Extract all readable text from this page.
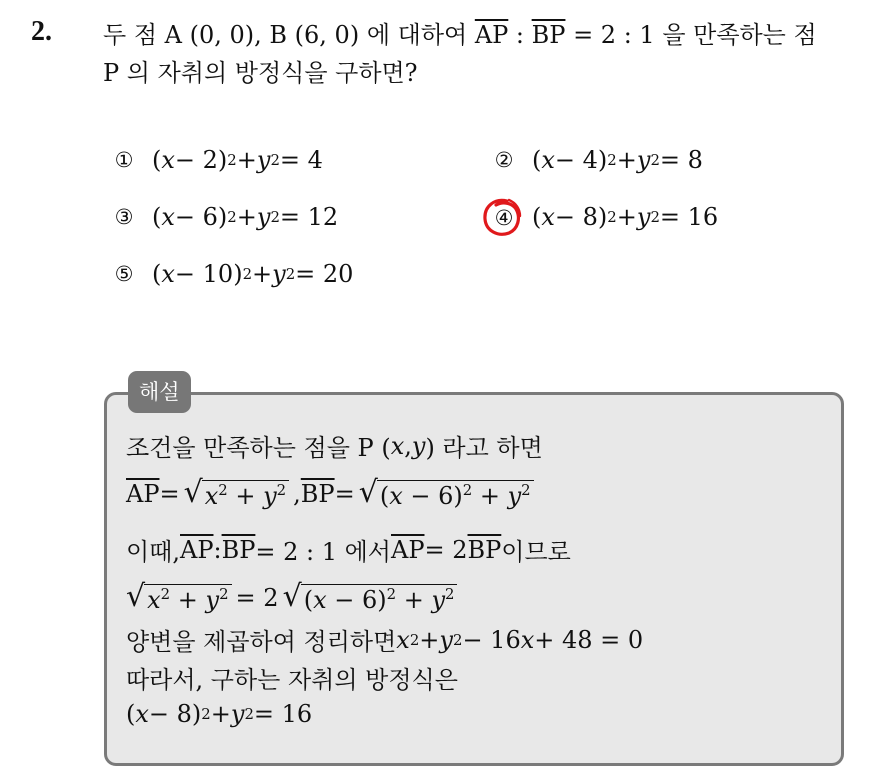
2. 두 점 A (0, 0), B (6, 0) 에 대하여 $\overline{AP}$ : $\overline{BP} = 2$ : 1 을 만족하는 점
P 의 자취의 방정식을 구하면?
① ( x − 2) 2 + y 2 = 4	② ( x − 4) 2 + y 2 = 8
③ ( x − 6) 2 + y 2 = 12	④ ( x − 8) 2 + y 2 = 16
⑤ ( x − 10) 2 + y 2 = 20
해설
조건을 만족하는 점을 P ( x , y ) 라고 하면
$\overline{AP}$ = √ $x^2 + y^2$ , $\overline{BP}$ = √ $(x - 6)^2 + y^2$
이때, $\overline{AP}$ : $\overline{BP} = 2$ : 1 에서 $\overline{AP} = 2$ $\overline{BP}$ 이므로
√ $x^2 + y^2 = 2$ √ $(x - 6)^2 + y^2$
양변을 제곱하여 정리하면 x 2 + y 2 − 16 x + 48 = 0
따라서, 구하는 자취의 방정식은
( x − 8) 2 + y 2 = 16
